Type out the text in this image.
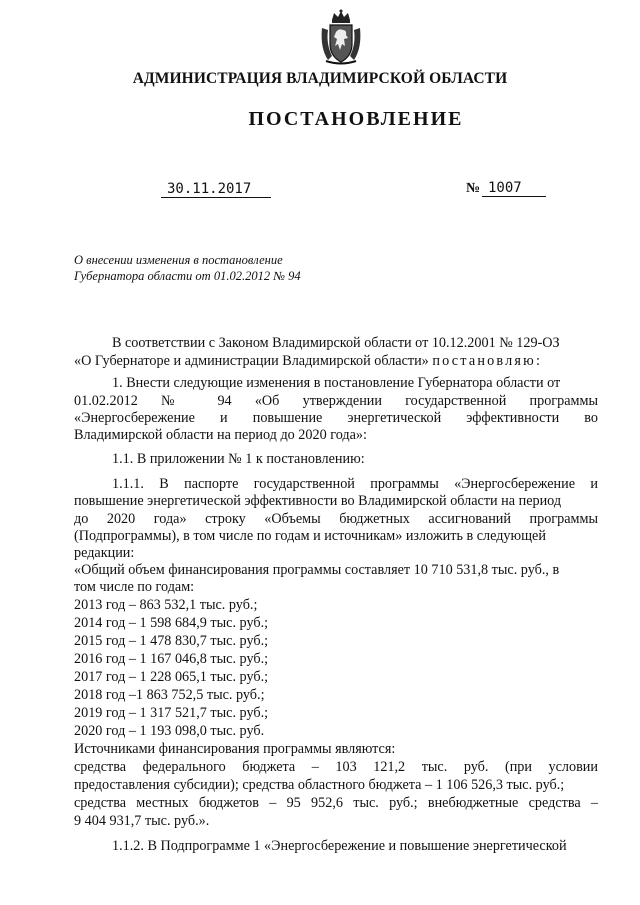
АДМИНИСТРАЦИЯ ВЛАДИМИРСКОЙ ОБЛАСТИ
ПОСТАНОВЛЕНИЕ
30.11.2017	№ 1007
О внесении изменения в постановление
Губернатора области от 01.02.2012 № 94
В соответствии с Законом Владимирской области от 10.12.2001 № 129-ОЗ
«О Губернаторе и администрации Владимирской области» постановляю:
1. Внести следующие изменения в постановление Губернатора области от
01.02.2012 № 94 «Об утверждении государственной программы
«Энергосбережение и повышение энергетической эффективности во
Владимирской области на период до 2020 года»:
1.1. В приложении № 1 к постановлению:
1.1.1. В паспорте государственной программы «Энергосбережение и
повышение энергетической эффективности во Владимирской области на период
до 2020 года» строку «Объемы бюджетных ассигнований программы
(Подпрограммы), в том числе по годам и источникам» изложить в следующей
редакции:
«Общий объем финансирования программы составляет 10 710 531,8 тыс. руб., в
том числе по годам:
2013 год – 863 532,1 тыс. руб.;
2014 год – 1 598 684,9 тыс. руб.;
2015 год – 1 478 830,7 тыс. руб.;
2016 год – 1 167 046,8 тыс. руб.;
2017 год – 1 228 065,1 тыс. руб.;
2018 год –1 863 752,5 тыс. руб.;
2019 год – 1 317 521,7 тыс. руб.;
2020 год – 1 193 098,0 тыс. руб.
Источниками финансирования программы являются:
средства федерального бюджета – 103 121,2 тыс. руб. (при условии
предоставления субсидии); средства областного бюджета – 1 106 526,3 тыс. руб.;
средства местных бюджетов – 95 952,6 тыс. руб.; внебюджетные средства –
9 404 931,7 тыс. руб.».
1.1.2. В Подпрограмме 1 «Энергосбережение и повышение энергетической
